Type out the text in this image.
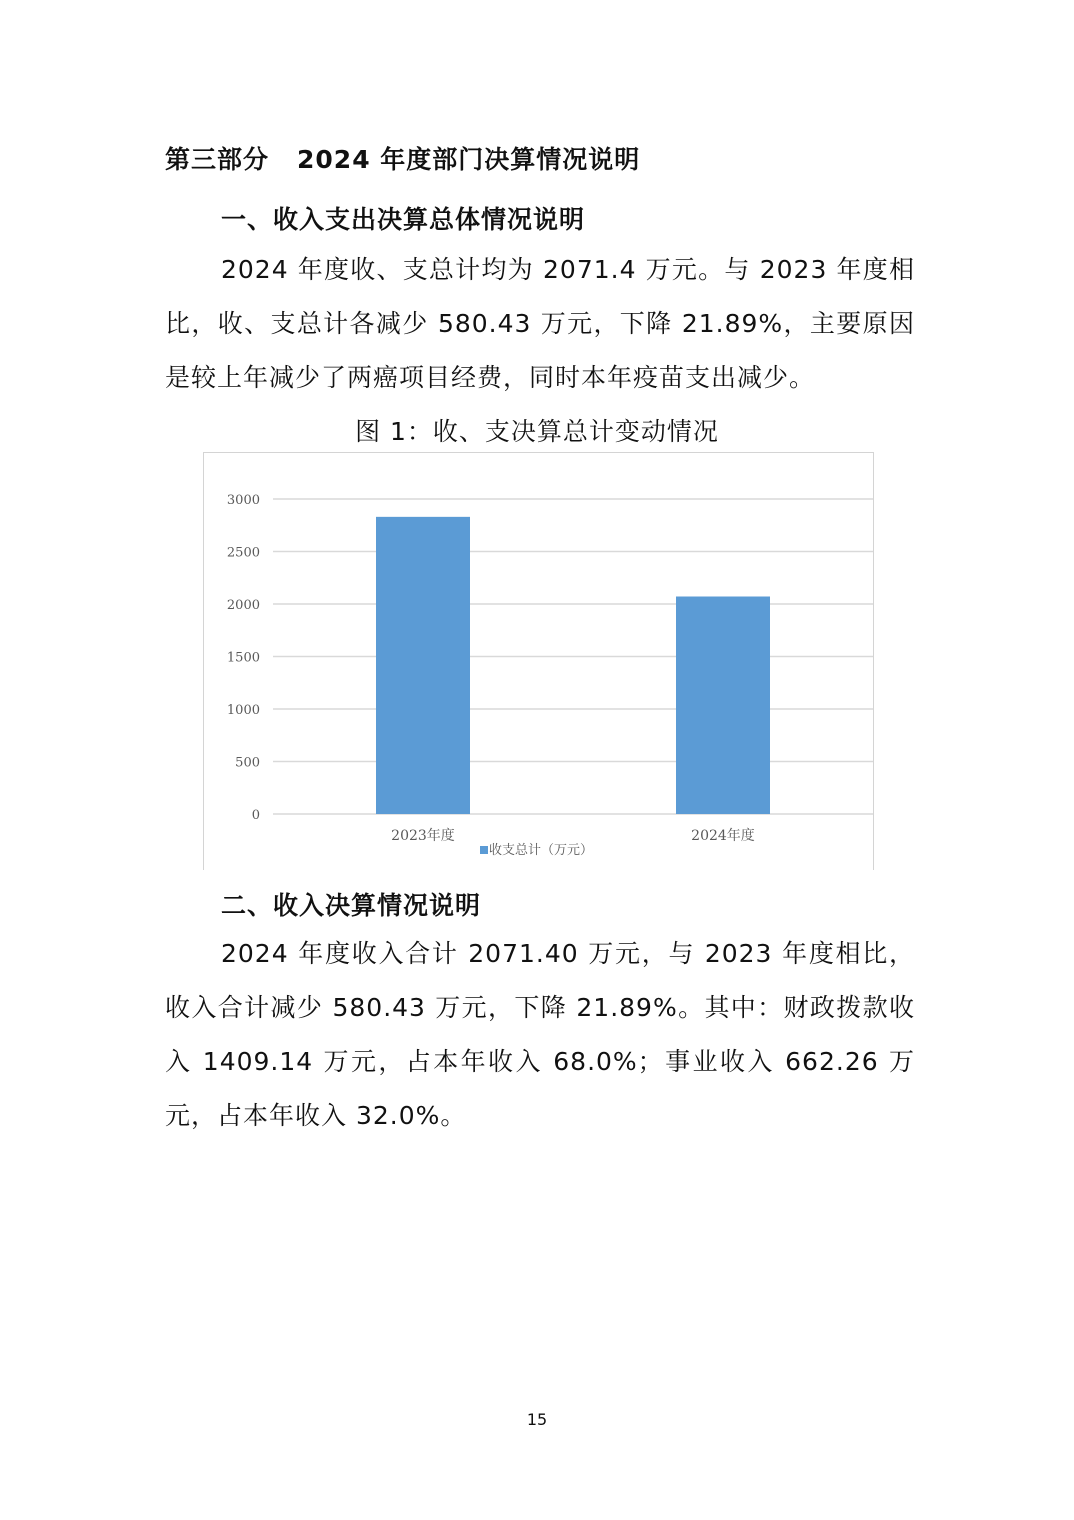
第三部分 2024 年度部门决算情况说明
一、收入支出决算总体情况说明

2024 年度收、支总计均为 2071.4 万元。与 2023 年度相比，收、支总计各减少 580.43 万元，下降 21.89%，主要原因是较上年减少了两癌项目经费，同时本年疫苗支出减少。

图 1：收、支决算总计变动情况
0
500
1000
1500
2000
2500
3000
2023年度	2024年度
收支总计（万元）
二、收入决算情况说明

2024 年度收入合计 2071.40 万元，与 2023 年度相比，收入合计减少 580.43 万元，下降 21.89%。其中：财政拨款收入 1409.14 万元，占本年收入 68.0%；事业收入 662.26 万元，占本年收入 32.0%。

15
